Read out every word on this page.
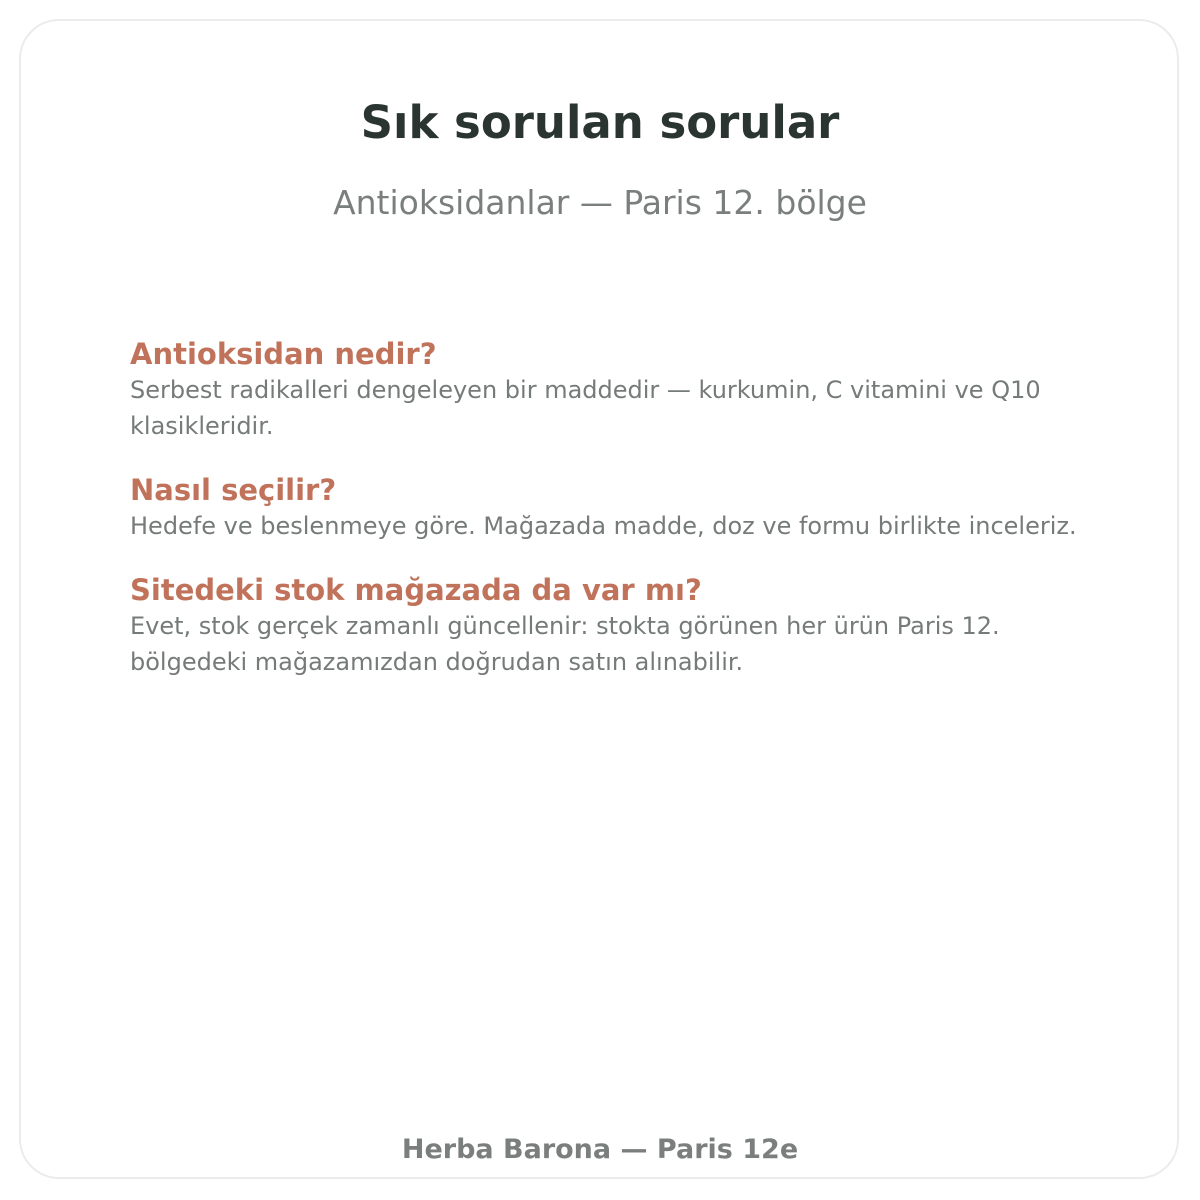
Sık sorulan sorular
Antioksidanlar — Paris 12. bölge
Antioksidan nedir?
Serbest radikalleri dengeleyen bir maddedir — kurkumin, C vitamini ve Q10 klasikleridir.
Nasıl seçilir?
Hedefe ve beslenmeye göre. Mağazada madde, doz ve formu birlikte inceleriz.
Sitedeki stok mağazada da var mı?
Evet, stok gerçek zamanlı güncellenir: stokta görünen her ürün Paris 12. bölgedeki mağazamızdan doğrudan satın alınabilir.
Herba Barona — Paris 12e
